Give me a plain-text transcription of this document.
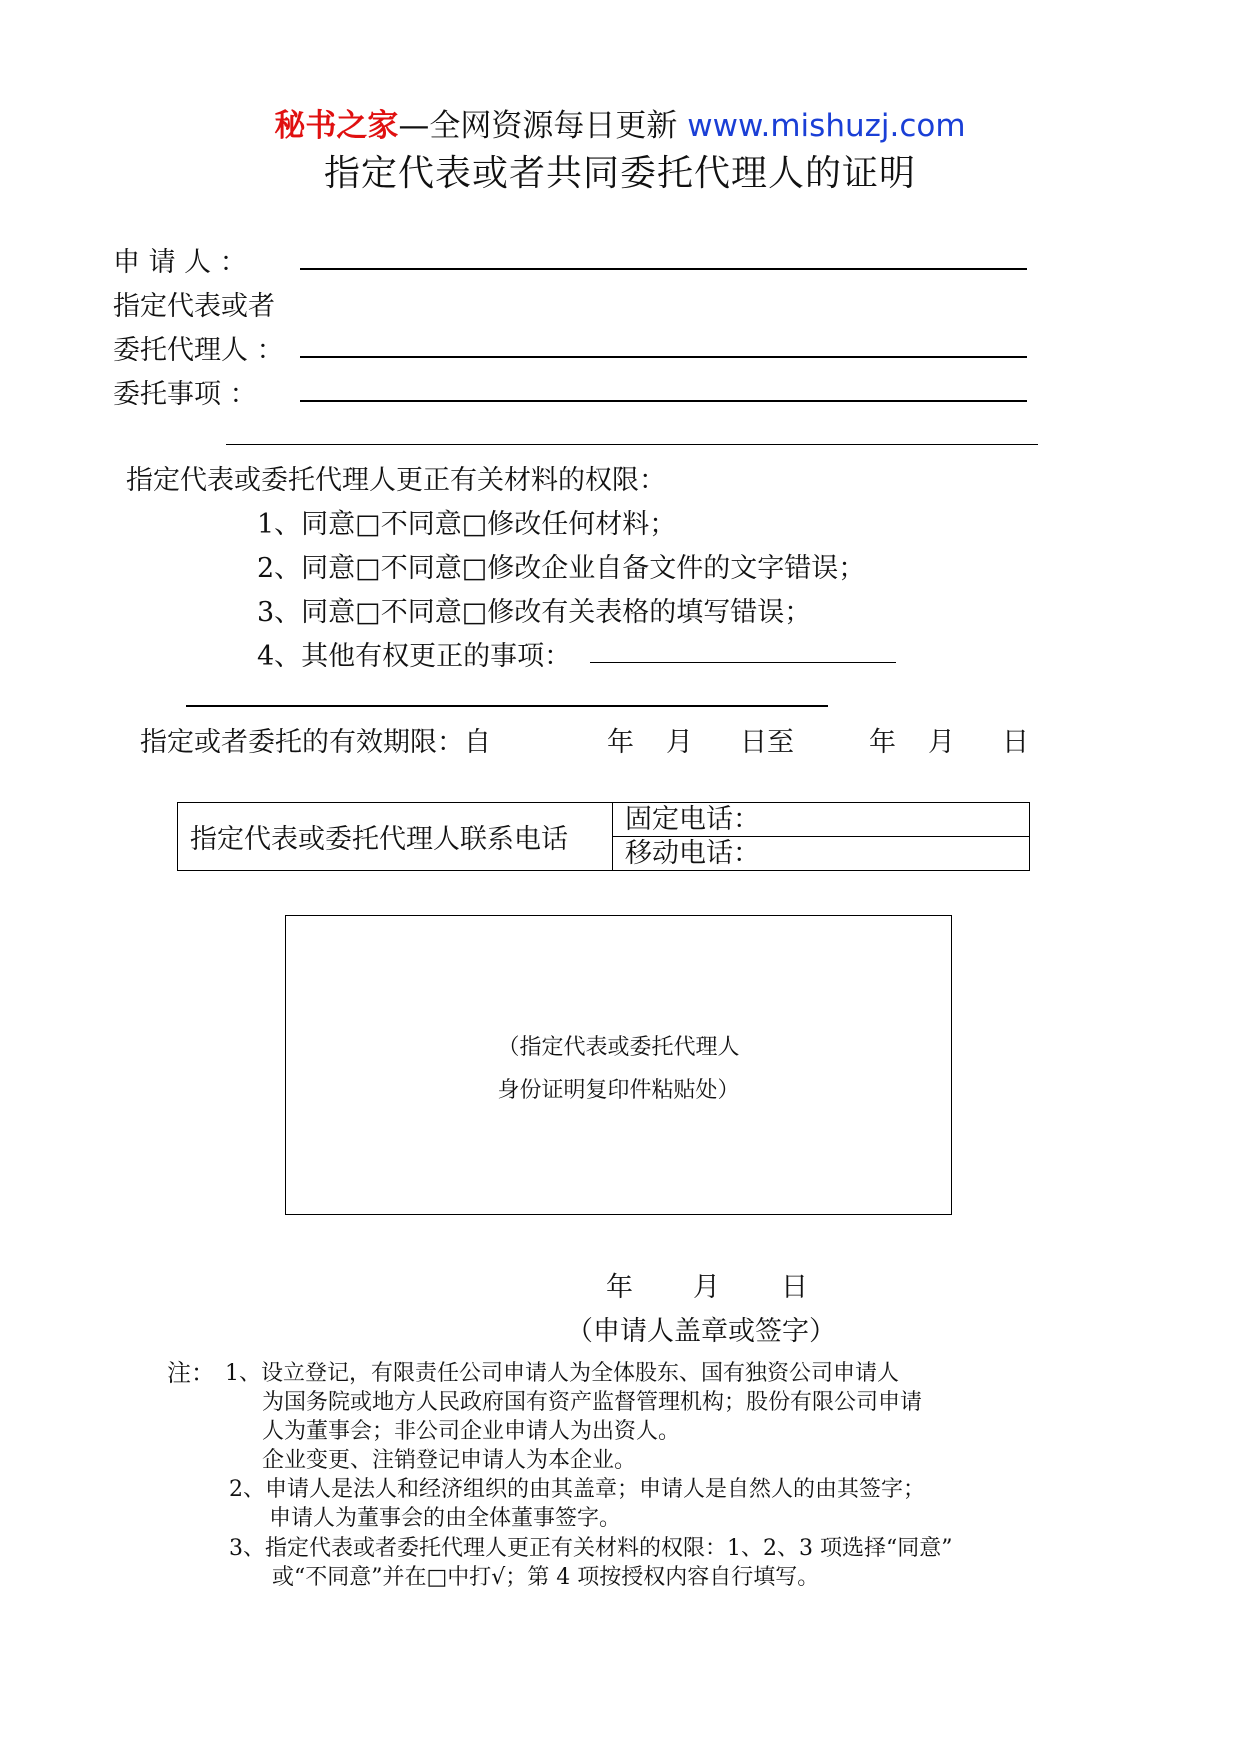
秘书之家—全网资源每日更新 www.mishuzj.com
指定代表或者共同委托代理人的证明
申 请 人 ：
指定代表或者
委托代理人 ：
委托事项 ：
指定代表或委托代理人更正有关材料的权限：
1、同意□不同意□修改任何材料；
2、同意□不同意□修改企业自备文件的文字错误；
3、同意□不同意□修改有关表格的填写错误；
4、其他有权更正的事项：
指定或者委托的有效期限：自	年 月 日至	年 月 日
指定代表或委托代理人联系电话	固定电话：
移动电话：
（指定代表或委托代理人
身份证明复印件粘贴处）
年 月 日
（申请人盖章或签字）
注： 1、设立登记，有限责任公司申请人为全体股东、国有独资公司申请人
为国务院或地方人民政府国有资产监督管理机构；股份有限公司申请
人为董事会；非公司企业申请人为出资人。
企业变更、注销登记申请人为本企业。
2、申请人是法人和经济组织的由其盖章；申请人是自然人的由其签字；
申请人为董事会的由全体董事签字。
3、指定代表或者委托代理人更正有关材料的权限：1、2、3 项选择“同意”
或“不同意”并在□中打√；第 4 项按授权内容自行填写。
